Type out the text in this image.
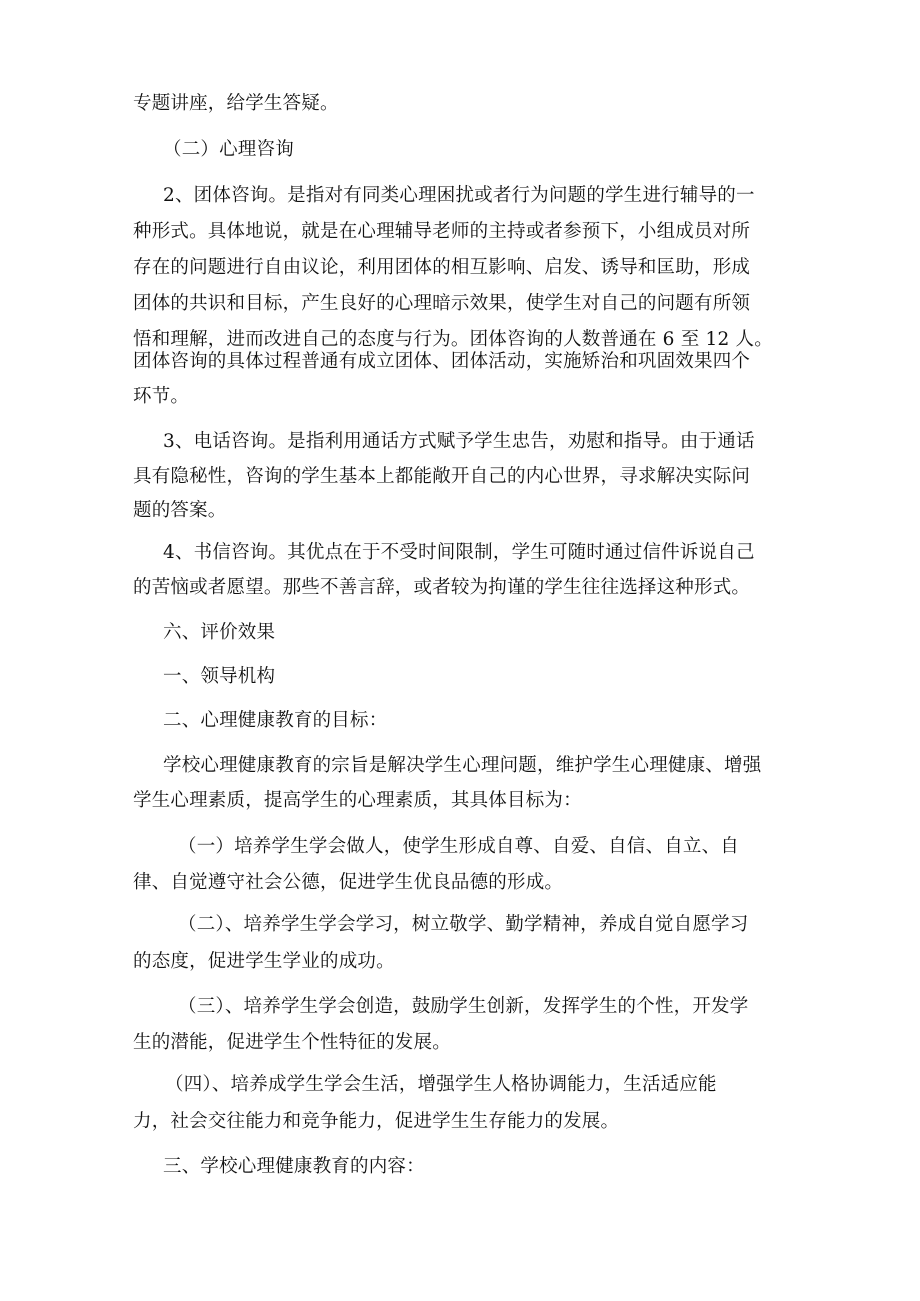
专题讲座，给学生答疑。
（二）心理咨询
2、团体咨询。是指对有同类心理困扰或者行为问题的学生进行辅导的一
种形式。具体地说，就是在心理辅导老师的主持或者参预下，小组成员对所
存在的问题进行自由议论，利用团体的相互影响、启发、诱导和匡助，形成
团体的共识和目标，产生良好的心理暗示效果，使学生对自己的问题有所领
悟和理解，进而改进自己的态度与行为。团体咨询的人数普通在 6 至 12 人。
团体咨询的具体过程普通有成立团体、团体活动，实施矫治和巩固效果四个
环节。
3、电话咨询。是指利用通话方式赋予学生忠告，劝慰和指导。由于通话
具有隐秘性，咨询的学生基本上都能敞开自己的内心世界，寻求解决实际问
题的答案。
4、书信咨询。其优点在于不受时间限制，学生可随时通过信件诉说自己
的苦恼或者愿望。那些不善言辞，或者较为拘谨的学生往往选择这种形式。
六、评价效果
一、领导机构
二、心理健康教育的目标：
学校心理健康教育的宗旨是解决学生心理问题，维护学生心理健康、增强
学生心理素质，提高学生的心理素质，其具体目标为：
（一）培养学生学会做人，使学生形成自尊、自爱、自信、自立、自
律、自觉遵守社会公德，促进学生优良品德的形成。
（二）、培养学生学会学习，树立敬学、勤学精神，养成自觉自愿学习
的态度，促进学生学业的成功。
（三）、培养学生学会创造，鼓励学生创新，发挥学生的个性，开发学
生的潜能，促进学生个性特征的发展。
（四）、培养成学生学会生活，增强学生人格协调能力，生活适应能
力，社会交往能力和竞争能力，促进学生生存能力的发展。
三、学校心理健康教育的内容：
